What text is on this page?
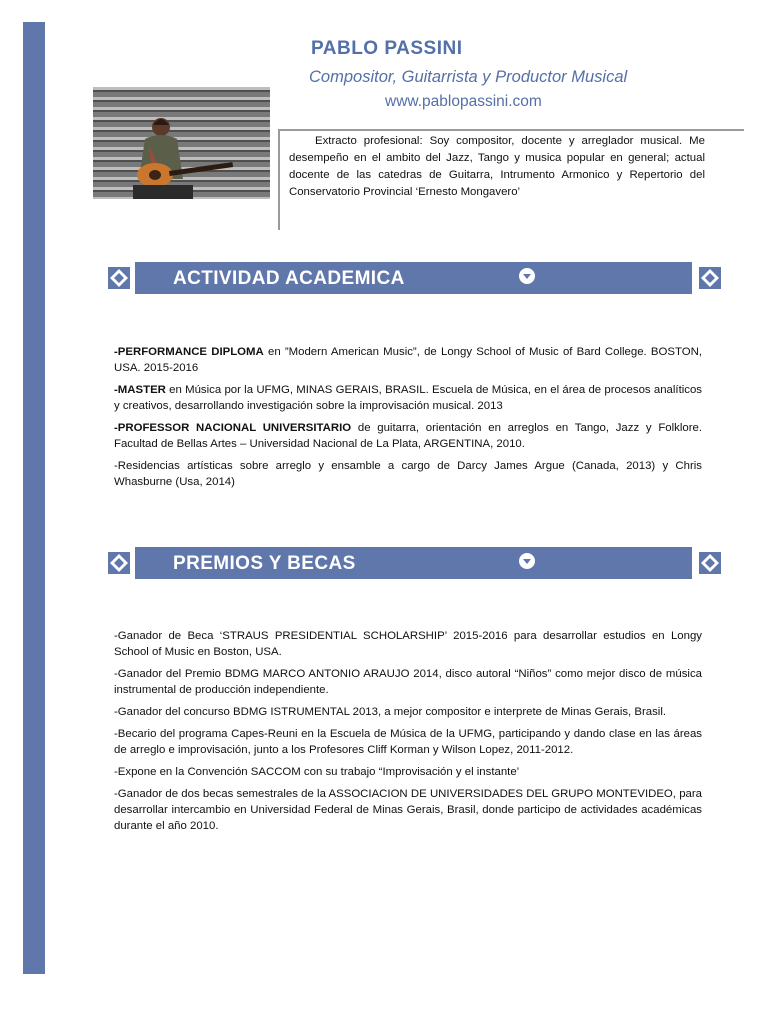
PABLO PASSINI
Compositor, Guitarrista y Productor Musical
www.pablopassini.com
Extracto profesional: Soy compositor, docente y arreglador musical. Me desempeño en el ambito del Jazz, Tango y musica popular en general; actual docente de las catedras de Guitarra, Intrumento Armonico y Repertorio del Conservatorio Provincial ‘Ernesto Mongavero’
ACTIVIDAD ACADEMICA

-PERFORMANCE DIPLOMA en ”Modern American Music”, de Longy School of Music of Bard College. BOSTON, USA. 2015-2016

-MASTER en Música por la UFMG, MINAS GERAIS, BRASIL. Escuela de Música, en el área de procesos analíticos y creativos, desarrollando investigación sobre la improvisación musical. 2013

-PROFESSOR NACIONAL UNIVERSITARIO de guitarra, orientación en arreglos en Tango, Jazz y Folklore. Facultad de Bellas Artes – Universidad Nacional de La Plata, ARGENTINA, 2010.

-Residencias artísticas sobre arreglo y ensamble a cargo de Darcy James Argue (Canada, 2013) y Chris Whasburne (Usa, 2014)

PREMIOS Y BECAS

-Ganador de Beca ‘STRAUS PRESIDENTIAL SCHOLARSHIP’ 2015-2016 para desarrollar estudios en Longy School of Music en Boston, USA.

-Ganador del Premio BDMG MARCO ANTONIO ARAUJO 2014, disco autoral “Niños” como mejor disco de música instrumental de producción independiente.

-Ganador del concurso BDMG ISTRUMENTAL 2013, a mejor compositor e interprete de Minas Gerais, Brasil.

-Becario del programa Capes-Reuni en la Escuela de Música de la UFMG, participando y dando clase en las áreas de arreglo e improvisación, junto a los Profesores Cliff Korman y Wilson Lopez, 2011-2012.

-Expone en la Convención SACCOM con su trabajo “Improvisación y el instante’

-Ganador de dos becas semestrales de la ASSOCIACION DE UNIVERSIDADES DEL GRUPO MONTEVIDEO, para desarrollar intercambio en Universidad Federal de Minas Gerais, Brasil, donde participo de actividades académicas durante el año 2010.
